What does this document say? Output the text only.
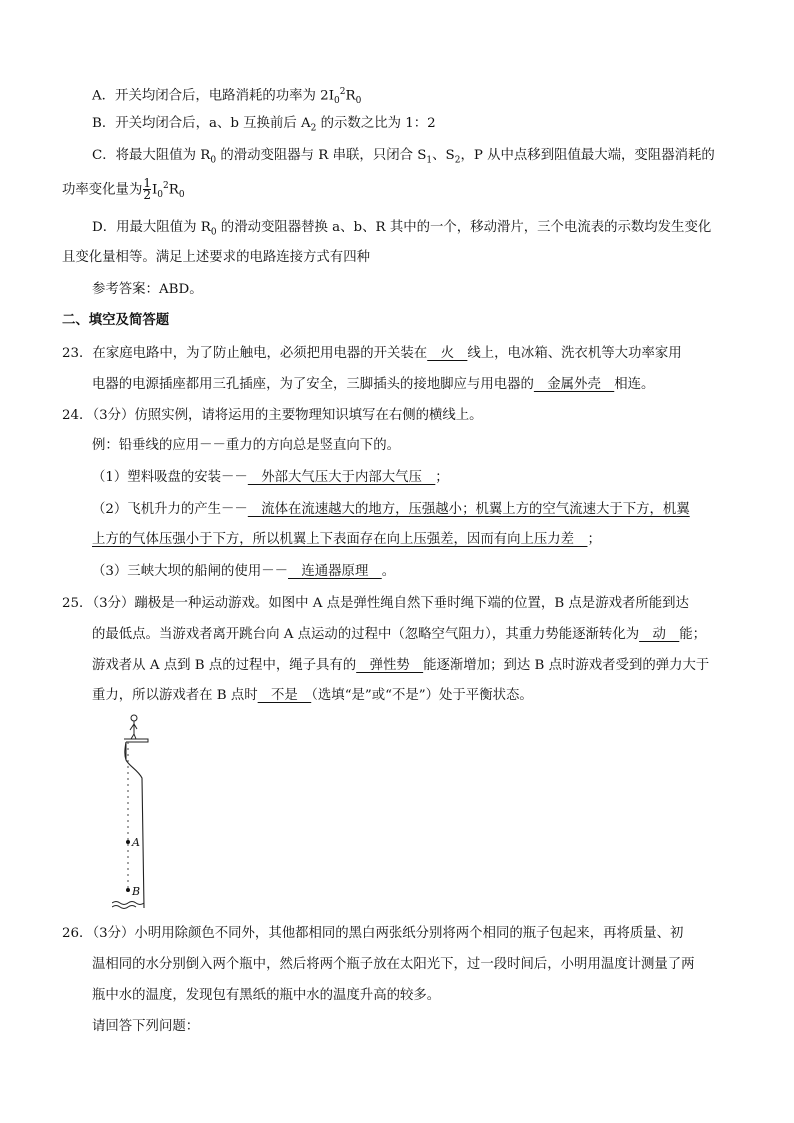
A．开关均闭合后，电路消耗的功率为 $2I_0^2R_0$
B．开关均闭合后，a、b 互换前后 $A_2$ 的示数之比为 1：2
C．将最大阻值为 $R_0$ 的滑动变阻器与 R 串联，只闭合 $S_1$、$S_2$，P 从中点移到阻值最大端，变阻器消耗的
功率变化量为 $\frac{1}{2} I_0^2R_0$
D．用最大阻值为 $R_0$ 的滑动变阻器替换 a、b、R 其中的一个，移动滑片，三个电流表的示数均发生变化
且变化量相等。满足上述要求的电路连接方式有四种
参考答案：ABD。
二、填空及简答题
23．在家庭电路中，为了防止触电，必须把用电器的开关装在　火　线上，电冰箱、洗衣机等大功率家用
电器的电源插座都用三孔插座，为了安全，三脚插头的接地脚应与用电器的　金属外壳　相连。
24．（3分）仿照实例，请将运用的主要物理知识填写在右侧的横线上。
例：铅垂线的应用－－重力的方向总是竖直向下的。
（1）塑料吸盘的安装－－　外部大气压大于内部大气压　；
（2）飞机升力的产生－－　流体在流速越大的地方，压强越小；机翼上方的空气流速大于下方，机翼
上方的气体压强小于下方，所以机翼上下表面存在向上压强差，因而有向上压力差　；
（3）三峡大坝的船闸的使用－－　连通器原理　。
25．（3分）蹦极是一种运动游戏。如图中 A 点是弹性绳自然下垂时绳下端的位置，B 点是游戏者所能到达
的最低点。当游戏者离开跳台向 A 点运动的过程中（忽略空气阻力），其重力势能逐渐转化为　动　能；
游戏者从 A 点到 B 点的过程中，绳子具有的　弹性势　能逐渐增加；到达 B 点时游戏者受到的弹力大于
重力，所以游戏者在 B 点时　不是　（选填“是”或“不是”）处于平衡状态。
A
B
26．（3分）小明用除颜色不同外，其他都相同的黑白两张纸分别将两个相同的瓶子包起来，再将质量、初
温相同的水分别倒入两个瓶中，然后将两个瓶子放在太阳光下，过一段时间后，小明用温度计测量了两
瓶中水的温度，发现包有黑纸的瓶中水的温度升高的较多。
请回答下列问题：
